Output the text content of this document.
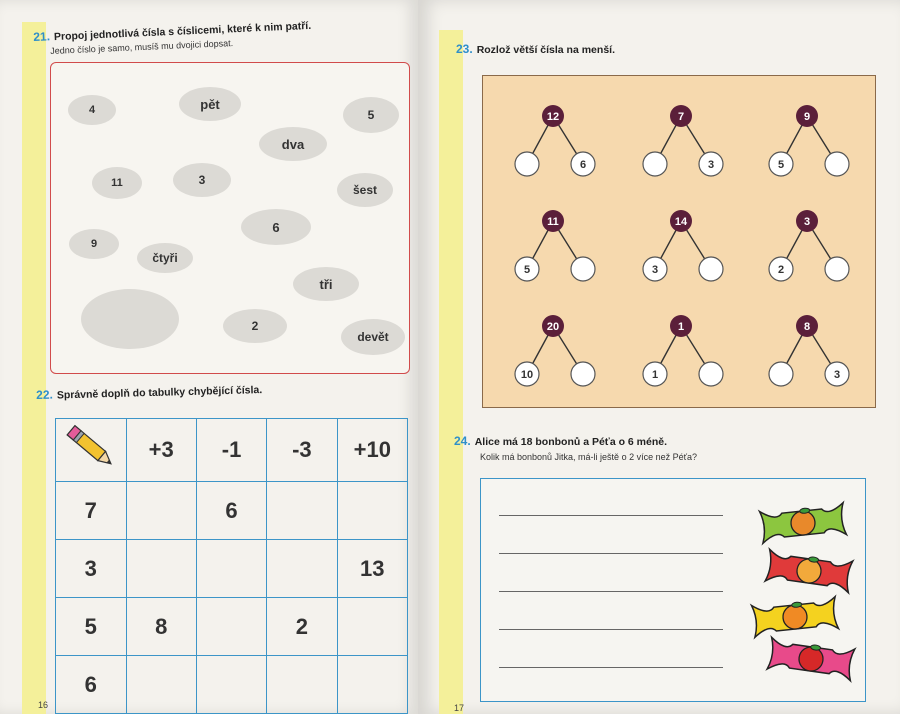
21. Propoj jednotlivá čísla s číslicemi, které k nim patří.
Jedno číslo je samo, musíš mu dvojici dopsat.
4	pět
5
dva
11	3
šest
6
9
čtyři
tři
2
devět
22. Správně doplň do tabulky chybějící čísla.
	+3	-1	-3	+10
7		6		
3				13
5	8		2	
6				
16
23. Rozlož větší čísla na menší.
12
6
7
3
9
5
11
5
14
3
3
2
20
10
1
1
8
3
24. Alice má 18 bonbonů a Péťa o 6 méně.
Kolik má bonbonů Jitka, má-li ještě o 2 více než Péťa?
17
